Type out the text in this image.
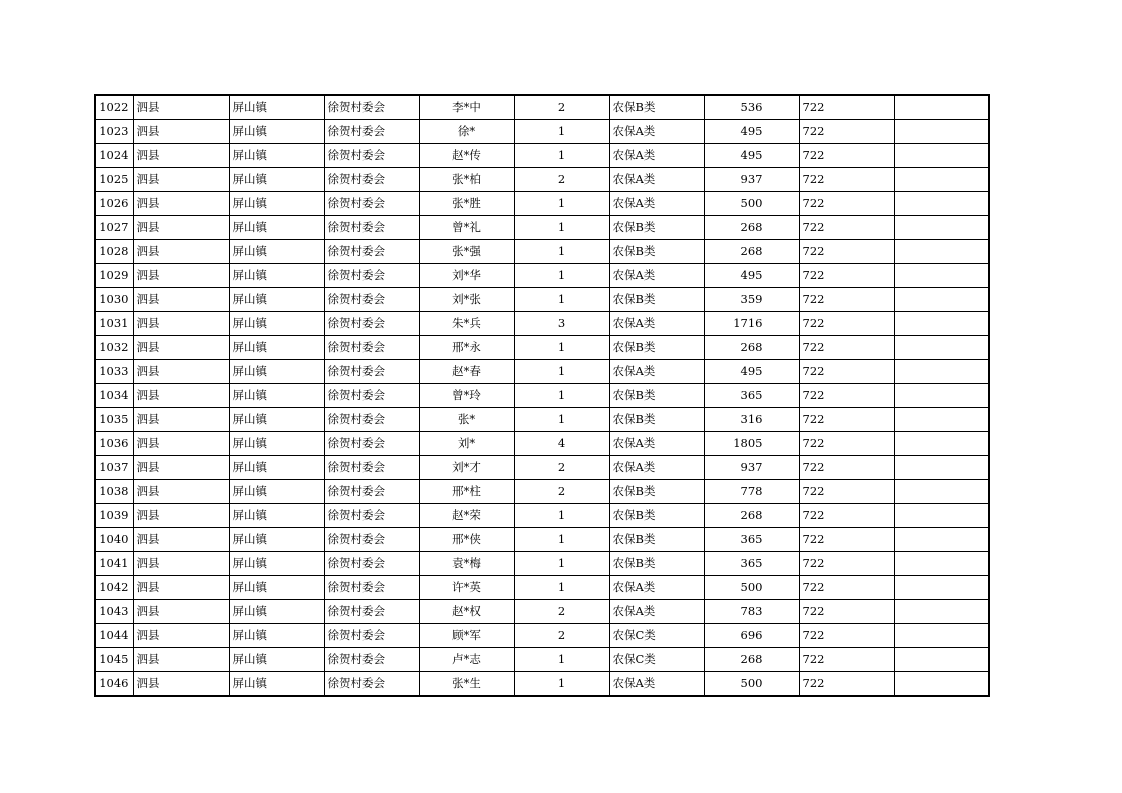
1022	泗县	屏山镇	徐贺村委会	李*中	2	农保B类	536	722	
1023	泗县	屏山镇	徐贺村委会	徐*	1	农保A类	495	722	
1024	泗县	屏山镇	徐贺村委会	赵*传	1	农保A类	495	722	
1025	泗县	屏山镇	徐贺村委会	张*柏	2	农保A类	937	722	
1026	泗县	屏山镇	徐贺村委会	张*胜	1	农保A类	500	722	
1027	泗县	屏山镇	徐贺村委会	曾*礼	1	农保B类	268	722	
1028	泗县	屏山镇	徐贺村委会	张*强	1	农保B类	268	722	
1029	泗县	屏山镇	徐贺村委会	刘*华	1	农保A类	495	722	
1030	泗县	屏山镇	徐贺村委会	刘*张	1	农保B类	359	722	
1031	泗县	屏山镇	徐贺村委会	朱*兵	3	农保A类	1716	722	
1032	泗县	屏山镇	徐贺村委会	邢*永	1	农保B类	268	722	
1033	泗县	屏山镇	徐贺村委会	赵*春	1	农保A类	495	722	
1034	泗县	屏山镇	徐贺村委会	曾*玲	1	农保B类	365	722	
1035	泗县	屏山镇	徐贺村委会	张*	1	农保B类	316	722	
1036	泗县	屏山镇	徐贺村委会	刘*	4	农保A类	1805	722	
1037	泗县	屏山镇	徐贺村委会	刘*才	2	农保A类	937	722	
1038	泗县	屏山镇	徐贺村委会	邢*柱	2	农保B类	778	722	
1039	泗县	屏山镇	徐贺村委会	赵*荣	1	农保B类	268	722	
1040	泗县	屏山镇	徐贺村委会	邢*侠	1	农保B类	365	722	
1041	泗县	屏山镇	徐贺村委会	袁*梅	1	农保B类	365	722	
1042	泗县	屏山镇	徐贺村委会	许*英	1	农保A类	500	722	
1043	泗县	屏山镇	徐贺村委会	赵*权	2	农保A类	783	722	
1044	泗县	屏山镇	徐贺村委会	顾*军	2	农保C类	696	722	
1045	泗县	屏山镇	徐贺村委会	卢*志	1	农保C类	268	722	
1046	泗县	屏山镇	徐贺村委会	张*生	1	农保A类	500	722	
